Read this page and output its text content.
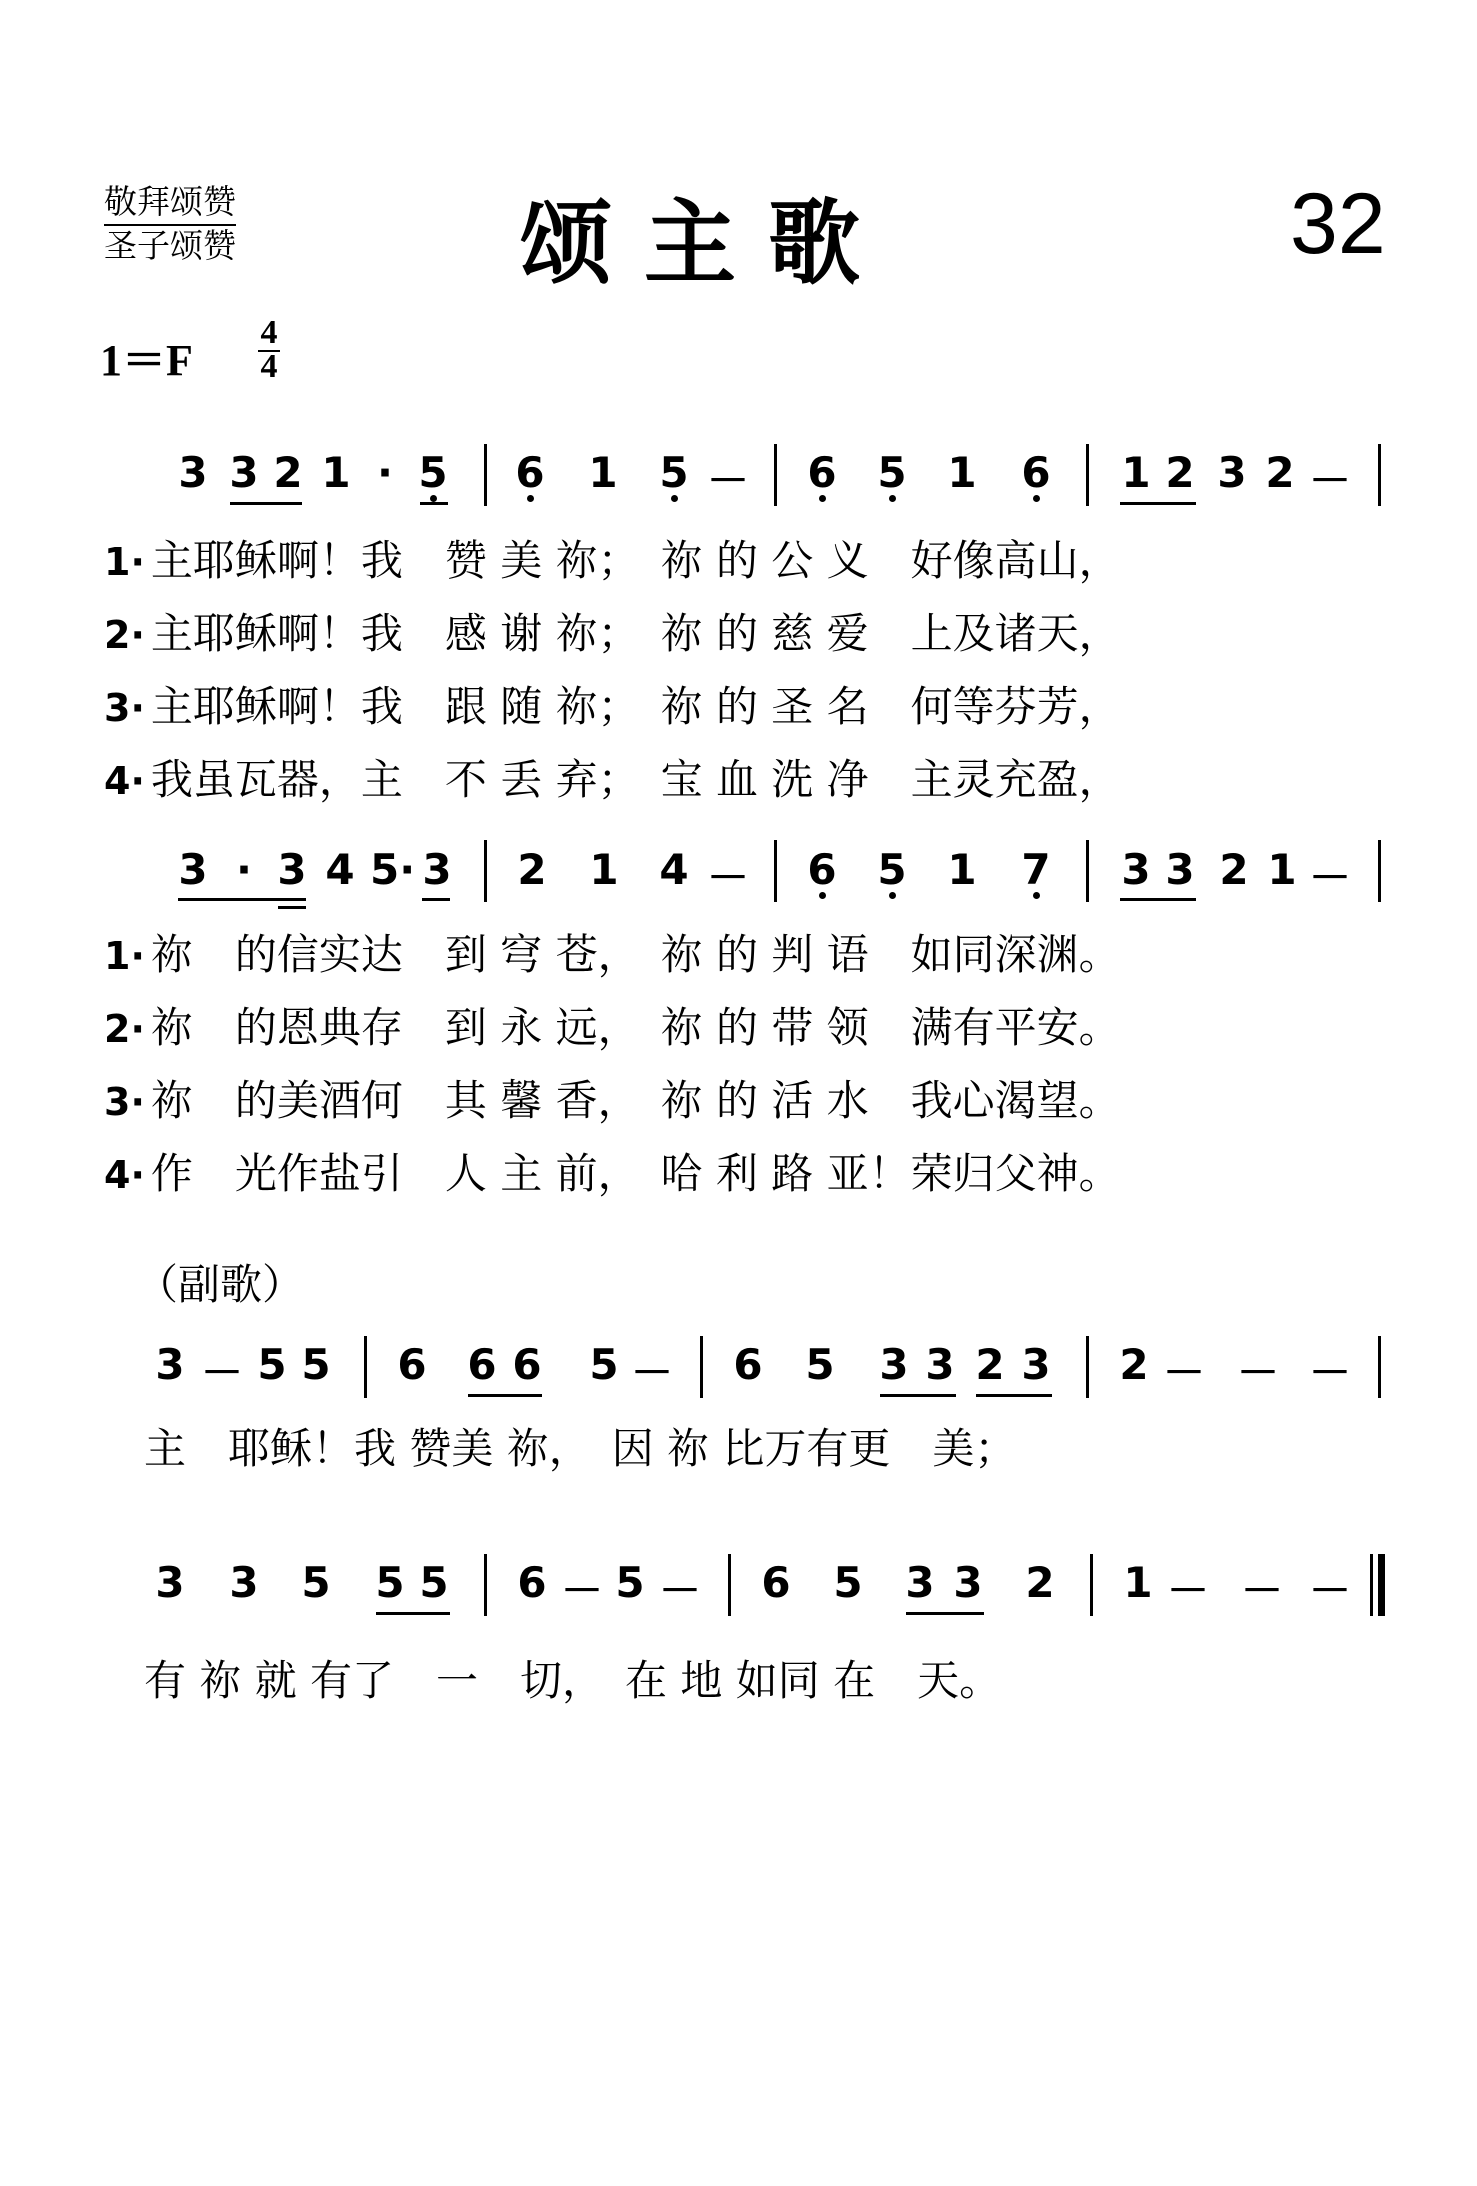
敬拜颂赞
圣子颂赞	颂 主 歌	32
1＝F
4
4
3 3 2 1 · 5 6 1 5 － 6 5 1 6 1 2 3 2 －
1· 主耶稣啊！我　赞 美 祢；　祢 的 公 义　好像高山，
2· 主耶稣啊！我　感 谢 祢；　祢 的 慈 爱　上及诸天，
3· 主耶稣啊！我　跟 随 祢；　祢 的 圣 名　何等芬芳，
4· 我虽瓦器，主　不 丢 弃；　宝 血 洗 净　主灵充盈，
3 · 3 4 5· 3 2 1 4 － 6 5 1 7 3 3 2 1 －
1· 祢　的信实达　到 穹 苍，　祢 的 判 语　如同深渊。
2· 祢　的恩典存　到 永 远，　祢 的 带 领　满有平安。
3· 祢　的美酒何　其 馨 香，　祢 的 活 水　我心渴望。
4· 作　光作盐引　人 主 前，　哈 利 路 亚！荣归父神。
（副歌）
3 － 5 5 6 6 6 5 － 6 5 3 3 2 3 2 － － －
主　耶稣！我 赞美 祢，　因 祢 比万有更　美；
3 3 5 5 5 6 － 5 － 6 5 3 3 2 1 － － －
有 祢 就 有了　一　切，　在 地 如同 在　天。
